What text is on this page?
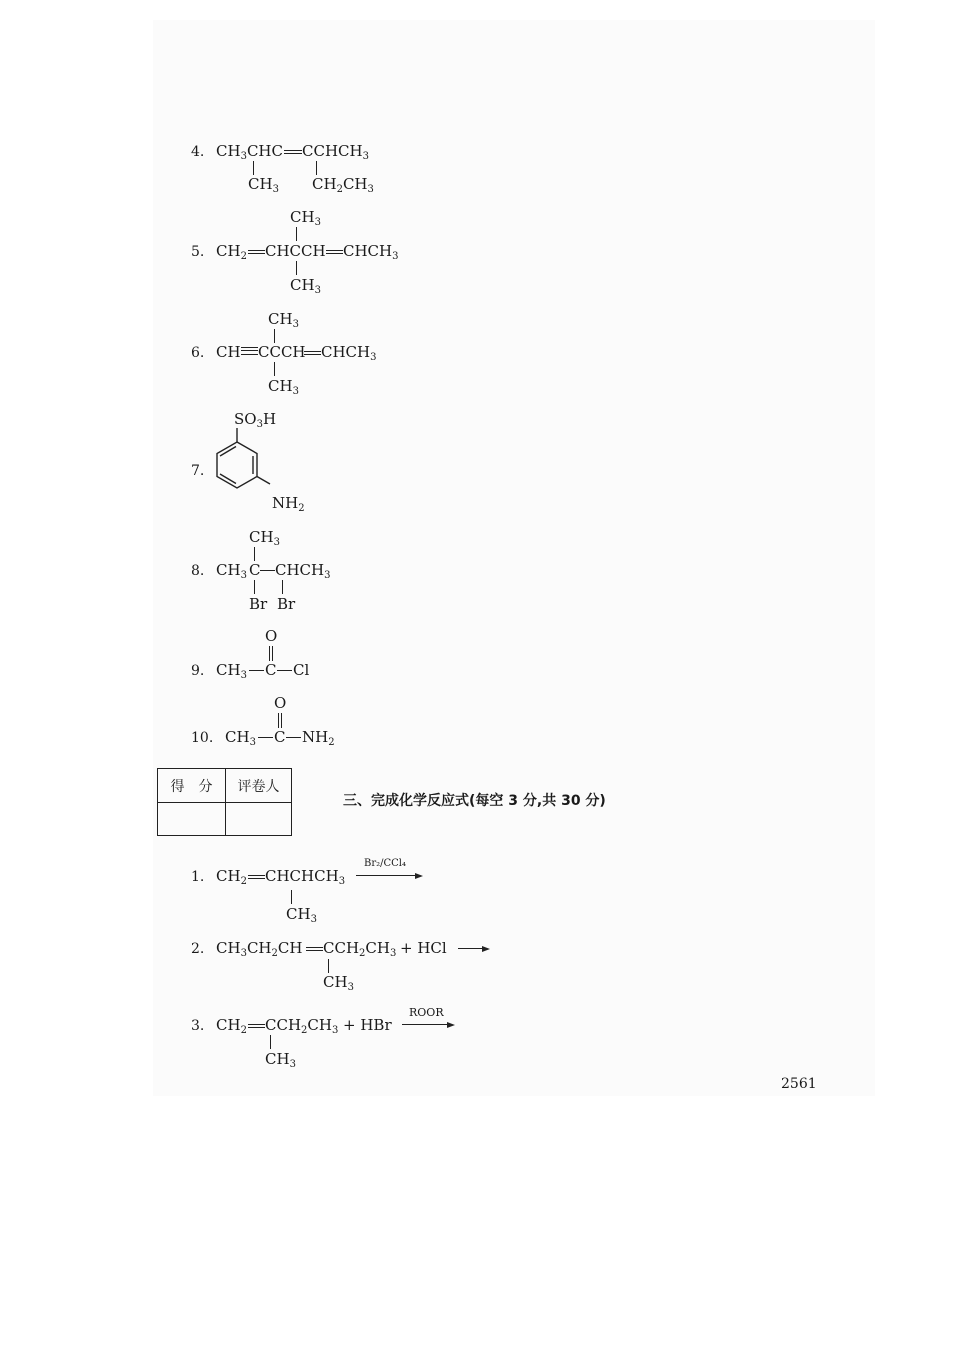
4. $CH_3CHC$ $CCHCH_3$
$CH_3$ $CH_2CH_3$
$CH_3$
5. $CH_2$ CHCCH $CHCH_3$
$CH_3$
$CH_3$
6. CH CCCH $CHCH_3$
$CH_3$
$SO_3H$
7.
$NH_2$
$CH_3$
8. $CH_3$ C $CHCH_3$
Br Br
O
9. $CH_3$ C Cl
O
10. $CH_3$ C $NH_2$
得　分	评卷人

三、完成化学反应式(每空 3 分,共 30 分)
1. $CH_2$ $CHCHCH_3$
Br₂/CCl₄
$CH_3$
2. $CH_3CH_2CH$ $CCH_2CH_3$ + HCl
$CH_3$
3. $CH_2$ $CCH_2CH_3$ + HBr
ROOR
$CH_3$
2561
